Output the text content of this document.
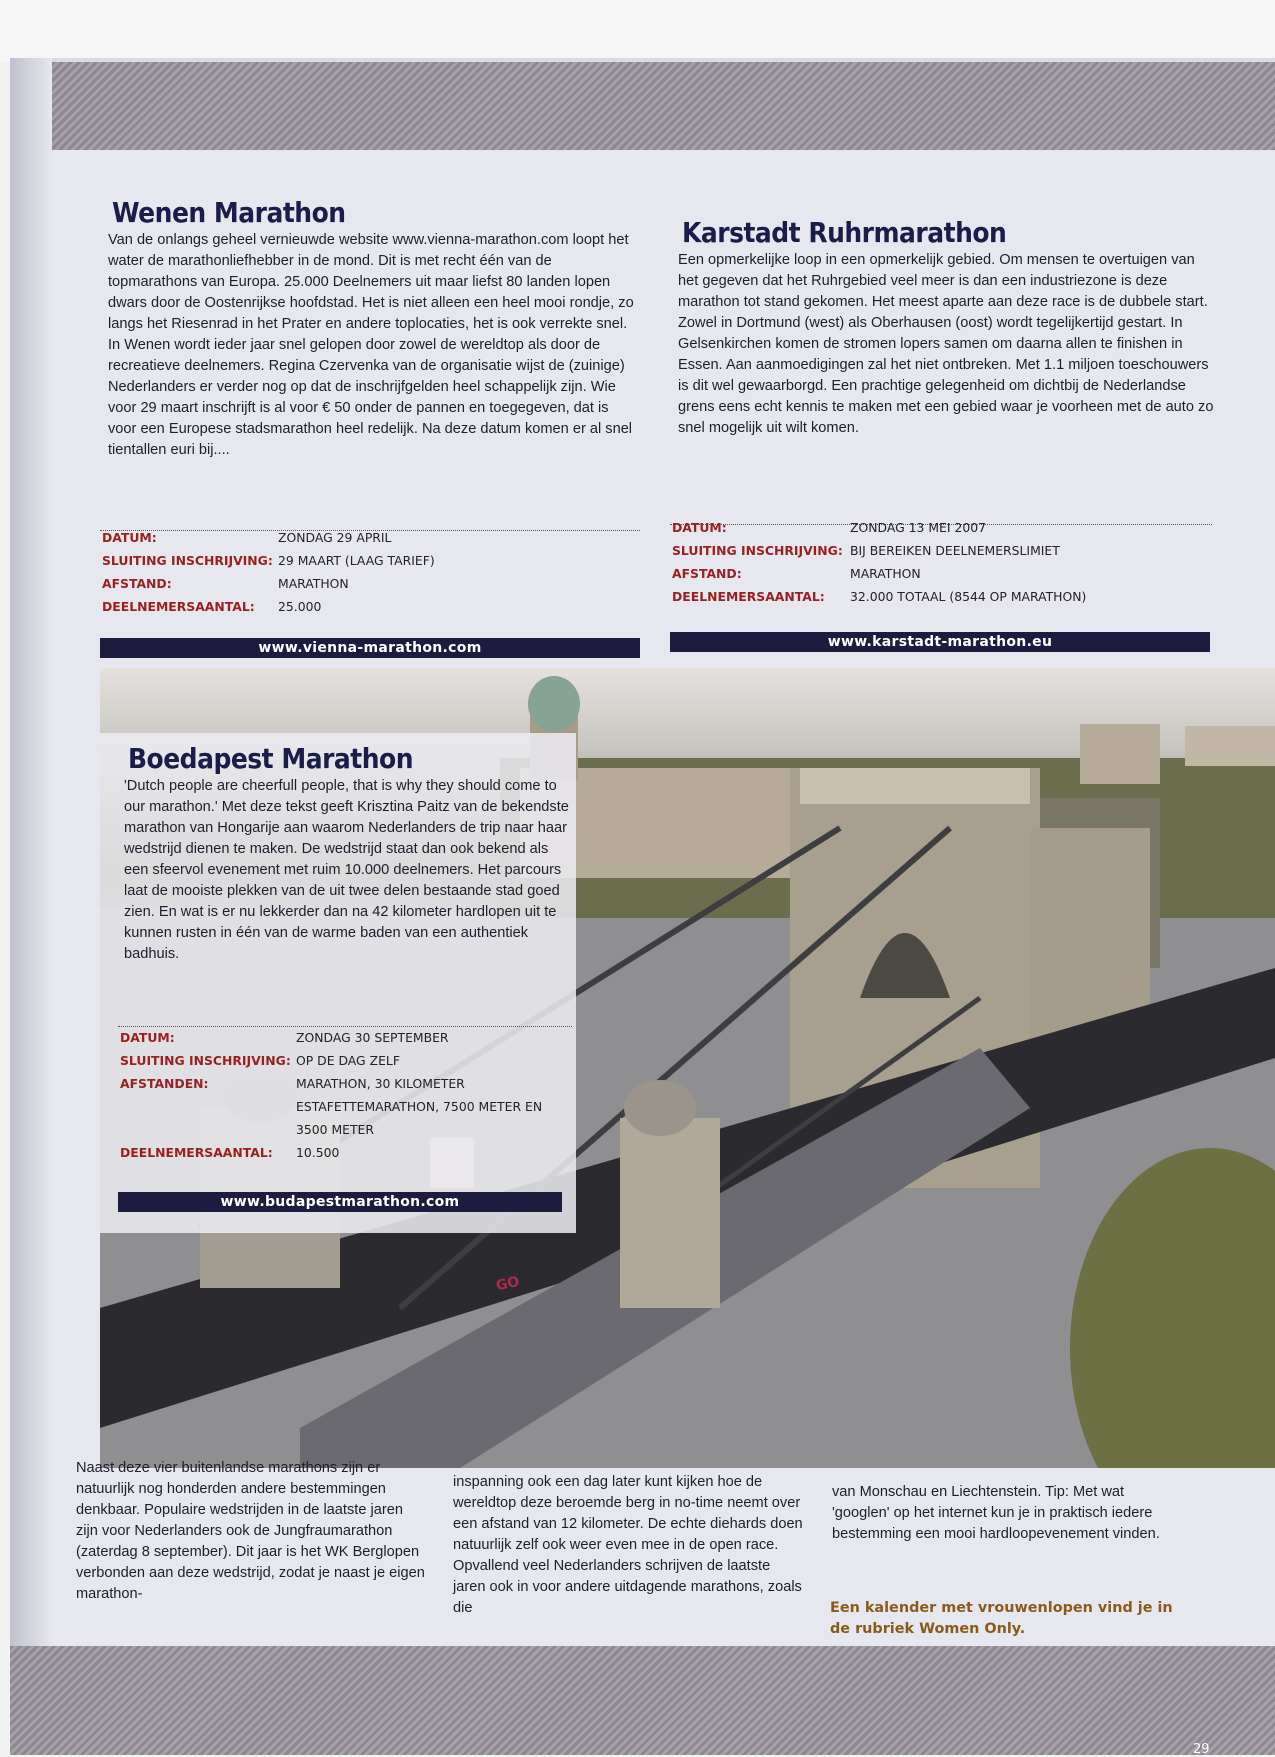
Wenen Marathon

Van de onlangs geheel vernieuwde website www.vienna-marathon.com loopt het water de marathonliefhebber in de mond. Dit is met recht één van de topmarathons van Europa. 25.000 Deelnemers uit maar liefst 80 landen lopen dwars door de Oostenrijkse hoofdstad. Het is niet alleen een heel mooi rondje, zo langs het Riesenrad in het Prater en andere toplocaties, het is ook verrekte snel. In Wenen wordt ieder jaar snel gelopen door zowel de wereldtop als door de recreatieve deelnemers. Regina Czervenka van de organisatie wijst de (zuinige) Nederlanders er verder nog op dat de inschrijfgelden heel schappelijk zijn. Wie voor 29 maart inschrijft is al voor € 50 onder de pannen en toegegeven, dat is voor een Europese stadsmarathon heel redelijk. Na deze datum komen er al snel tientallen euri bij....

DATUM:	ZONDAG 29 APRIL
SLUITING INSCHRIJVING: 29 MAART (LAAG TARIEF)
AFSTAND:	MARATHON
DEELNEMERSAANTAL:	25.000
www.vienna-marathon.com
Karstadt Ruhrmarathon

Een opmerkelijke loop in een opmerkelijk gebied. Om mensen te overtuigen van het gegeven dat het Ruhrgebied veel meer is dan een industriezone is deze marathon tot stand gekomen. Het meest aparte aan deze race is de dubbele start. Zowel in Dortmund (west) als Oberhausen (oost) wordt tegelijkertijd gestart. In Gelsenkirchen komen de stromen lopers samen om daarna allen te finishen in Essen. Aan aanmoedigingen zal het niet ontbreken. Met 1.1 miljoen toeschouwers is dit wel gewaarborgd. Een prachtige gelegenheid om dichtbij de Nederlandse grens eens echt kennis te maken met een gebied waar je voorheen met de auto zo snel mogelijk uit wilt komen.

DATUM:	ZONDAG 13 MEI 2007
SLUITING INSCHRIJVING: BIJ BEREIKEN DEELNEMERSLIMIET
AFSTAND:	MARATHON
DEELNEMERSAANTAL:	32.000 TOTAAL (8544 OP MARATHON)
www.karstadt-marathon.eu
Boedapest Marathon

'Dutch people are cheerfull people, that is why they should come to our marathon.' Met deze tekst geeft Krisztina Paitz van de bekendste marathon van Hongarije aan waarom Nederlanders de trip naar haar wedstrijd dienen te maken. De wedstrijd staat dan ook bekend als een sfeervol evenement met ruim 10.000 deelnemers. Het parcours laat de mooiste plekken van de uit twee delen bestaande stad goed zien. En wat is er nu lekkerder dan na 42 kilometer hardlopen uit te kunnen rusten in één van de warme baden van een authentiek badhuis.

DATUM:	ZONDAG 30 SEPTEMBER
SLUITING INSCHRIJVING: OP DE DAG ZELF
AFSTANDEN:	MARATHON, 30 KILOMETER ESTAFETTEMARATHON, 7500 METER EN 3500 METER
DEELNEMERSAANTAL:	10.500
www.budapestmarathon.com
GO

Naast deze vier buitenlandse marathons zijn er natuurlijk nog honderden andere bestemmingen denkbaar. Populaire wedstrijden in de laatste jaren zijn voor Nederlanders ook de Jungfraumarathon (zaterdag 8 september). Dit jaar is het WK Berglopen verbonden aan deze wedstrijd, zodat je naast je eigen marathon-

inspanning ook een dag later kunt kijken hoe de wereldtop deze beroemde berg in no-time neemt over een afstand van 12 kilometer. De echte diehards doen natuurlijk zelf ook weer even mee in de open race. Opvallend veel Nederlanders schrijven de laatste jaren ook in voor andere uitdagende marathons, zoals die

van Monschau en Liechtenstein. Tip: Met wat 'googlen' op het internet kun je in praktisch iedere bestemming een mooi hardloopevenement vinden.

Een kalender met vrouwenlopen vind je in de rubriek Women Only.

29
